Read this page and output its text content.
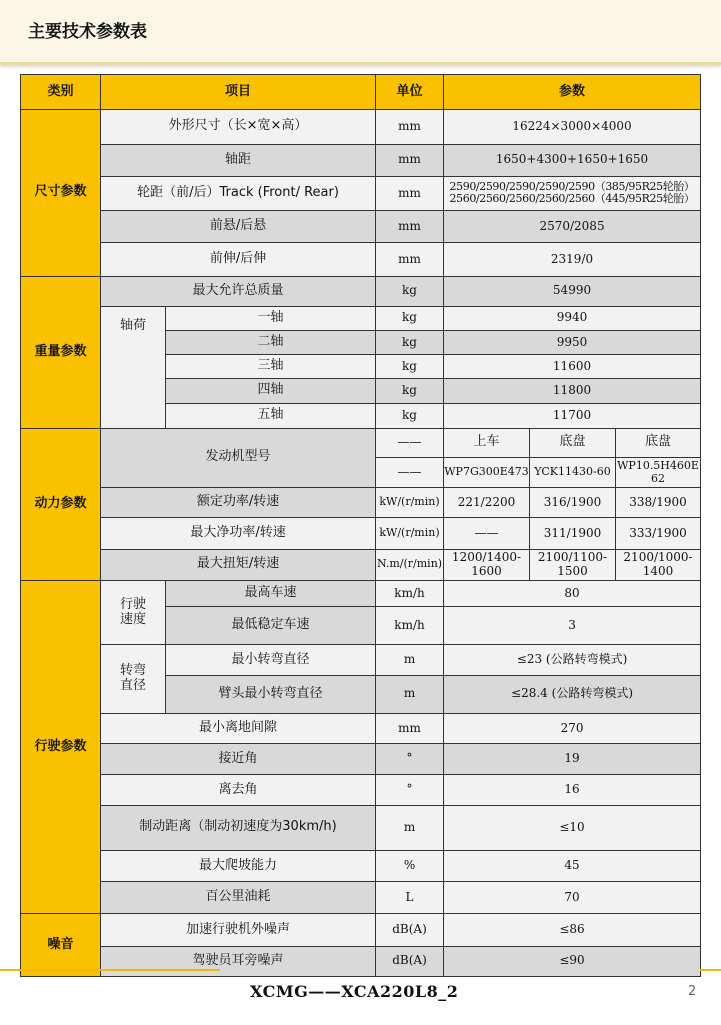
主要技术参数表
类别	项目		单位	参数		
尺寸参数	外形尺寸（长×宽×高）		mm	16224×3000×4000		
	轴距		mm	1650+4300+1650+1650		
	轮距（前/后）Track (Front/ Rear)		mm	2590/2590/2590/2590/2590（385/95R25轮胎）
2560/2560/2560/2560/2560（445/95R25轮胎）		

	前悬/后悬		mm	2570/2085		
	前伸/后伸		mm	2319/0		
重量参数	最大允许总质量		kg	54990		
	轴荷	一轴	kg	9940		
		二轴	kg	9950		
		三轴	kg	11600		
		四轴	kg	11800		
		五轴	kg	11700		
动力参数	发动机型号		——	上车	底盘	底盘
			——	WP7G300E473	YCK11430-60	WP10.5H460E62
	额定功率/转速		kW/(r/min)	221/2200	316/1900	338/1900
	最大净功率/转速		kW/(r/min)	——	311/1900	333/1900
	最大扭矩/转速		N.m/(r/min)	1200/1400-1600	2100/1100-1500	2100/1000-1400
行驶参数	行驶速度	最高车速	km/h	80		
		最低稳定车速	km/h	3		
	转弯直径	最小转弯直径	m	≤23 (公路转弯模式)		
		臂头最小转弯直径	m	≤28.4 (公路转弯模式)		
	最小离地间隙		mm	270		
	接近角		°	19		
	离去角		°	16		
	制动距离（制动初速度为30km/h)		m	≤10		
	最大爬坡能力		%	45		
	百公里油耗		L	70		
噪音	加速行驶机外噪声		dB(A)	≤86		
	驾驶员耳旁噪声		dB(A)	≤90		
XCMG——XCA220L8_2	2
